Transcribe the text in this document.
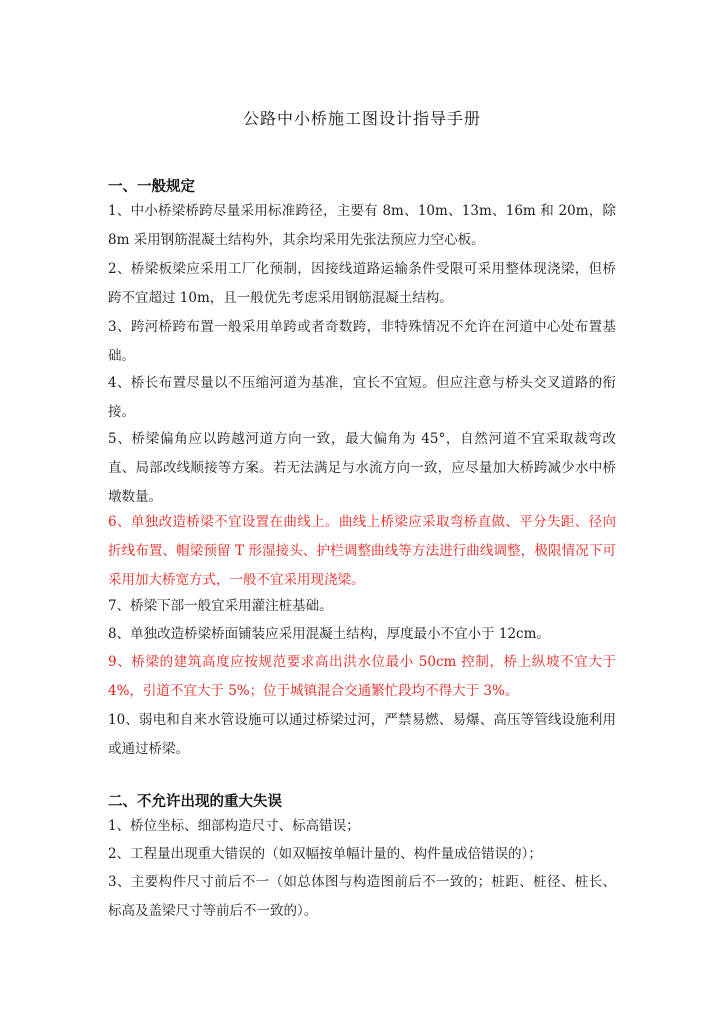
公路中小桥施工图设计指导手册
一、一般规定

1、中小桥梁桥跨尽量采用标准跨径，主要有 8m、10m、13m、16m 和 20m，除 8m 采用钢筋混凝土结构外，其余均采用先张法预应力空心板。

2、桥梁板梁应采用工厂化预制，因接线道路运输条件受限可采用整体现浇梁，但桥跨不宜超过 10m，且一般优先考虑采用钢筋混凝土结构。

3、跨河桥跨布置一般采用单跨或者奇数跨，非特殊情况不允许在河道中心处布置基础。

4、桥长布置尽量以不压缩河道为基准，宜长不宜短。但应注意与桥头交叉道路的衔接。

5、桥梁偏角应以跨越河道方向一致，最大偏角为 45°，自然河道不宜采取裁弯改直、局部改线顺接等方案。若无法满足与水流方向一致，应尽量加大桥跨减少水中桥墩数量。

6、单独改造桥梁不宜设置在曲线上。曲线上桥梁应采取弯桥直做、平分失距、径向折线布置、帽梁预留 T 形湿接头、护栏调整曲线等方法进行曲线调整，极限情况下可采用加大桥宽方式，一般不宜采用现浇梁。

7、桥梁下部一般宜采用灌注桩基础。

8、单独改造桥梁桥面铺装应采用混凝土结构，厚度最小不宜小于 12cm。

9、桥梁的建筑高度应按规范要求高出洪水位最小 50cm 控制，桥上纵坡不宜大于 4%，引道不宜大于 5%；位于城镇混合交通繁忙段均不得大于 3%。

10、弱电和自来水管设施可以通过桥梁过河，严禁易燃、易爆、高压等管线设施利用或通过桥梁。

二、不允许出现的重大失误

1、桥位坐标、细部构造尺寸、标高错误；

2、工程量出现重大错误的（如双幅按单幅计量的、构件量成倍错误的）；

3、主要构件尺寸前后不一（如总体图与构造图前后不一致的；桩距、桩径、桩长、标高及盖梁尺寸等前后不一致的）。
